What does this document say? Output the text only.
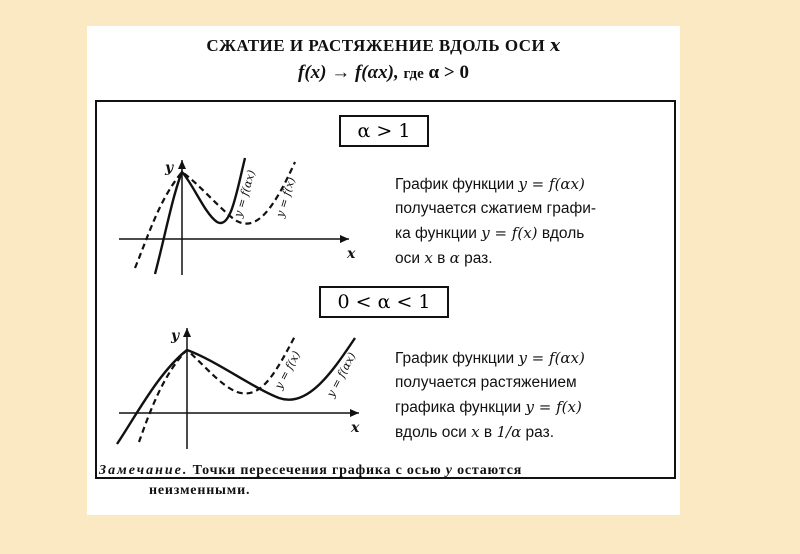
СЖАТИЕ И РАСТЯЖЕНИЕ ВДОЛЬ ОСИ x
f(x) → f(αx), где α > 0
y
x
y = f(αx) y = f(x)
y
x
y = f(x) y = f(αx)
α > 1
График функции y = f(αx)
получается сжатием графи-
ка функции y = f(x) вдоль
оси x в α раз.
0 < α < 1
График функции y = f(αx)
получается растяжением
графика функции y = f(x)
вдоль оси x в 1/α раз.
Замечание. Точки пересечения графика с осью y остаются
неизменными.
